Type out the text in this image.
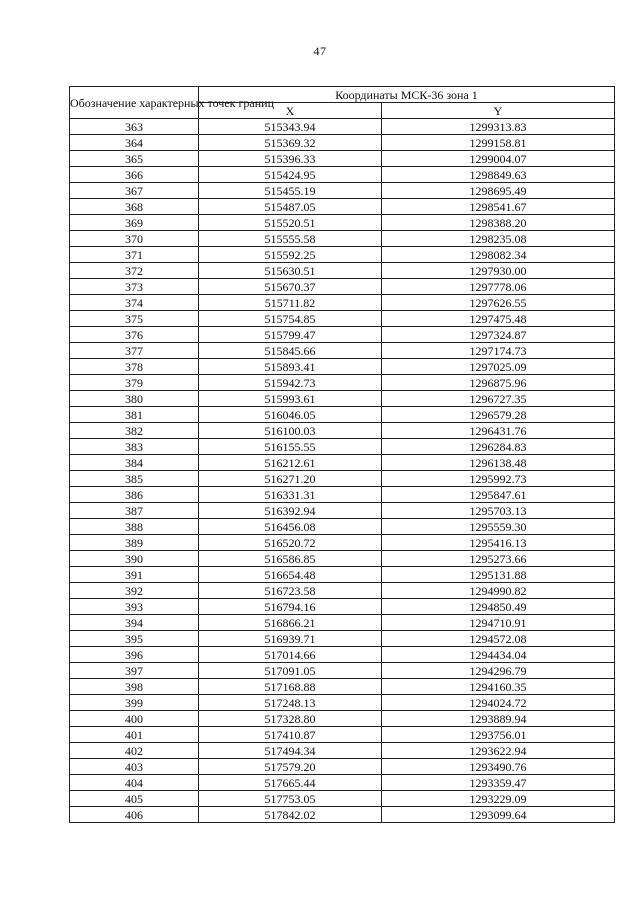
47
Обозначение характерных точек границ	Координаты МСК-36 зона 1	
	X	Y
363	515343.94	1299313.83
364	515369.32	1299158.81
365	515396.33	1299004.07
366	515424.95	1298849.63
367	515455.19	1298695.49
368	515487.05	1298541.67
369	515520.51	1298388.20
370	515555.58	1298235.08
371	515592.25	1298082.34
372	515630.51	1297930.00
373	515670.37	1297778.06
374	515711.82	1297626.55
375	515754.85	1297475.48
376	515799.47	1297324.87
377	515845.66	1297174.73
378	515893.41	1297025.09
379	515942.73	1296875.96
380	515993.61	1296727.35
381	516046.05	1296579.28
382	516100.03	1296431.76
383	516155.55	1296284.83
384	516212.61	1296138.48
385	516271.20	1295992.73
386	516331.31	1295847.61
387	516392.94	1295703.13
388	516456.08	1295559.30
389	516520.72	1295416.13
390	516586.85	1295273.66
391	516654.48	1295131.88
392	516723.58	1294990.82
393	516794.16	1294850.49
394	516866.21	1294710.91
395	516939.71	1294572.08
396	517014.66	1294434.04
397	517091.05	1294296.79
398	517168.88	1294160.35
399	517248.13	1294024.72
400	517328.80	1293889.94
401	517410.87	1293756.01
402	517494.34	1293622.94
403	517579.20	1293490.76
404	517665.44	1293359.47
405	517753.05	1293229.09
406	517842.02	1293099.64
